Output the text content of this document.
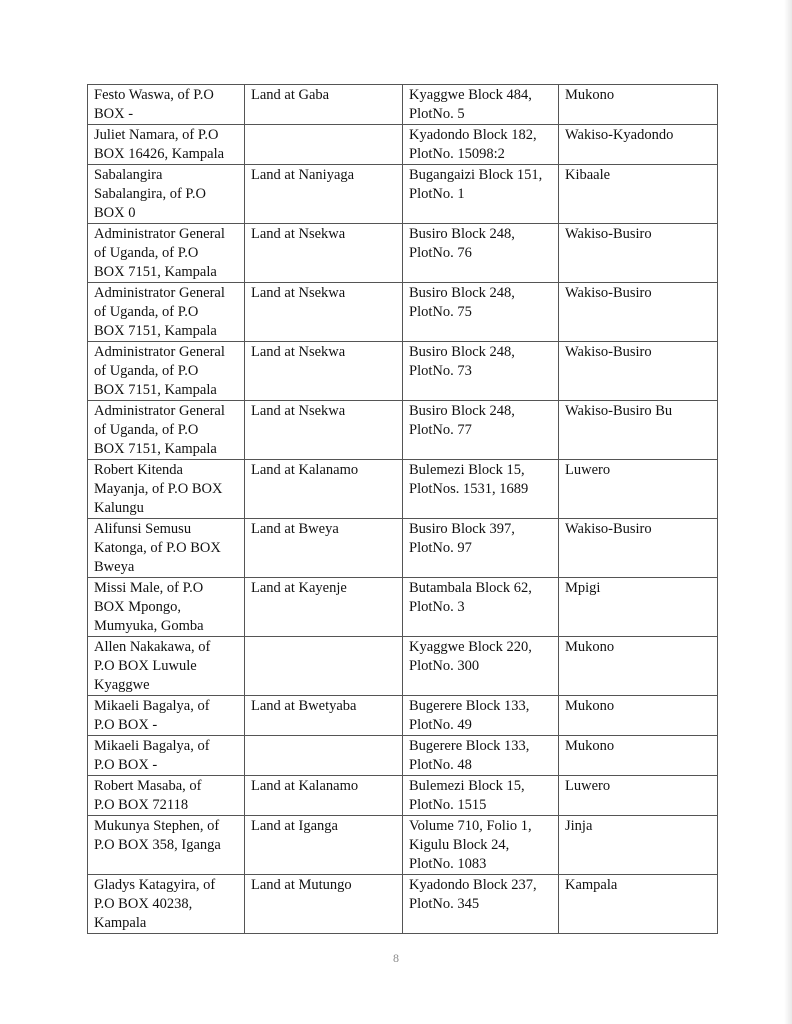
Festo Waswa, of P.O
BOX -	Land at Gaba	Kyaggwe Block 484,
PlotNo. 5	Mukono

Juliet Namara, of P.O
BOX 16426, Kampala		Kyadondo Block 182,
PlotNo. 15098:2	Wakiso-Kyadondo

Sabalangira
Sabalangira, of P.O
BOX 0	Land at Naniyaga	Bugangaizi Block 151,
PlotNo. 1	Kibaale

Administrator General
of Uganda, of P.O
BOX 7151, Kampala	Land at Nsekwa	Busiro Block 248,
PlotNo. 76	Wakiso-Busiro

Administrator General
of Uganda, of P.O
BOX 7151, Kampala	Land at Nsekwa	Busiro Block 248,
PlotNo. 75	Wakiso-Busiro

Administrator General
of Uganda, of P.O
BOX 7151, Kampala	Land at Nsekwa	Busiro Block 248,
PlotNo. 73	Wakiso-Busiro

Administrator General
of Uganda, of P.O
BOX 7151, Kampala	Land at Nsekwa	Busiro Block 248,
PlotNo. 77	Wakiso-Busiro Bu

Robert Kitenda
Mayanja, of P.O BOX
Kalungu	Land at Kalanamo	Bulemezi Block 15,
PlotNos. 1531, 1689	Luwero

Alifunsi Semusu
Katonga, of P.O BOX
Bweya	Land at Bweya	Busiro Block 397,
PlotNo. 97	Wakiso-Busiro

Missi Male, of P.O
BOX Mpongo,
Mumyuka, Gomba	Land at Kayenje	Butambala Block 62,
PlotNo. 3	Mpigi

Allen Nakakawa, of
P.O BOX Luwule
Kyaggwe		Kyaggwe Block 220,
PlotNo. 300	Mukono

Mikaeli Bagalya, of
P.O BOX -	Land at Bwetyaba	Bugerere Block 133,
PlotNo. 49	Mukono

Mikaeli Bagalya, of
P.O BOX -		Bugerere Block 133,
PlotNo. 48	Mukono

Robert Masaba, of
P.O BOX 72118	Land at Kalanamo	Bulemezi Block 15,
PlotNo. 1515	Luwero

Mukunya Stephen, of
P.O BOX 358, Iganga	Land at Iganga	Volume 710, Folio 1,
Kigulu Block 24,
PlotNo. 1083	Jinja

Gladys Katagyira, of
P.O BOX 40238,
Kampala	Land at Mutungo	Kyadondo Block 237,
PlotNo. 345	Kampala
8
